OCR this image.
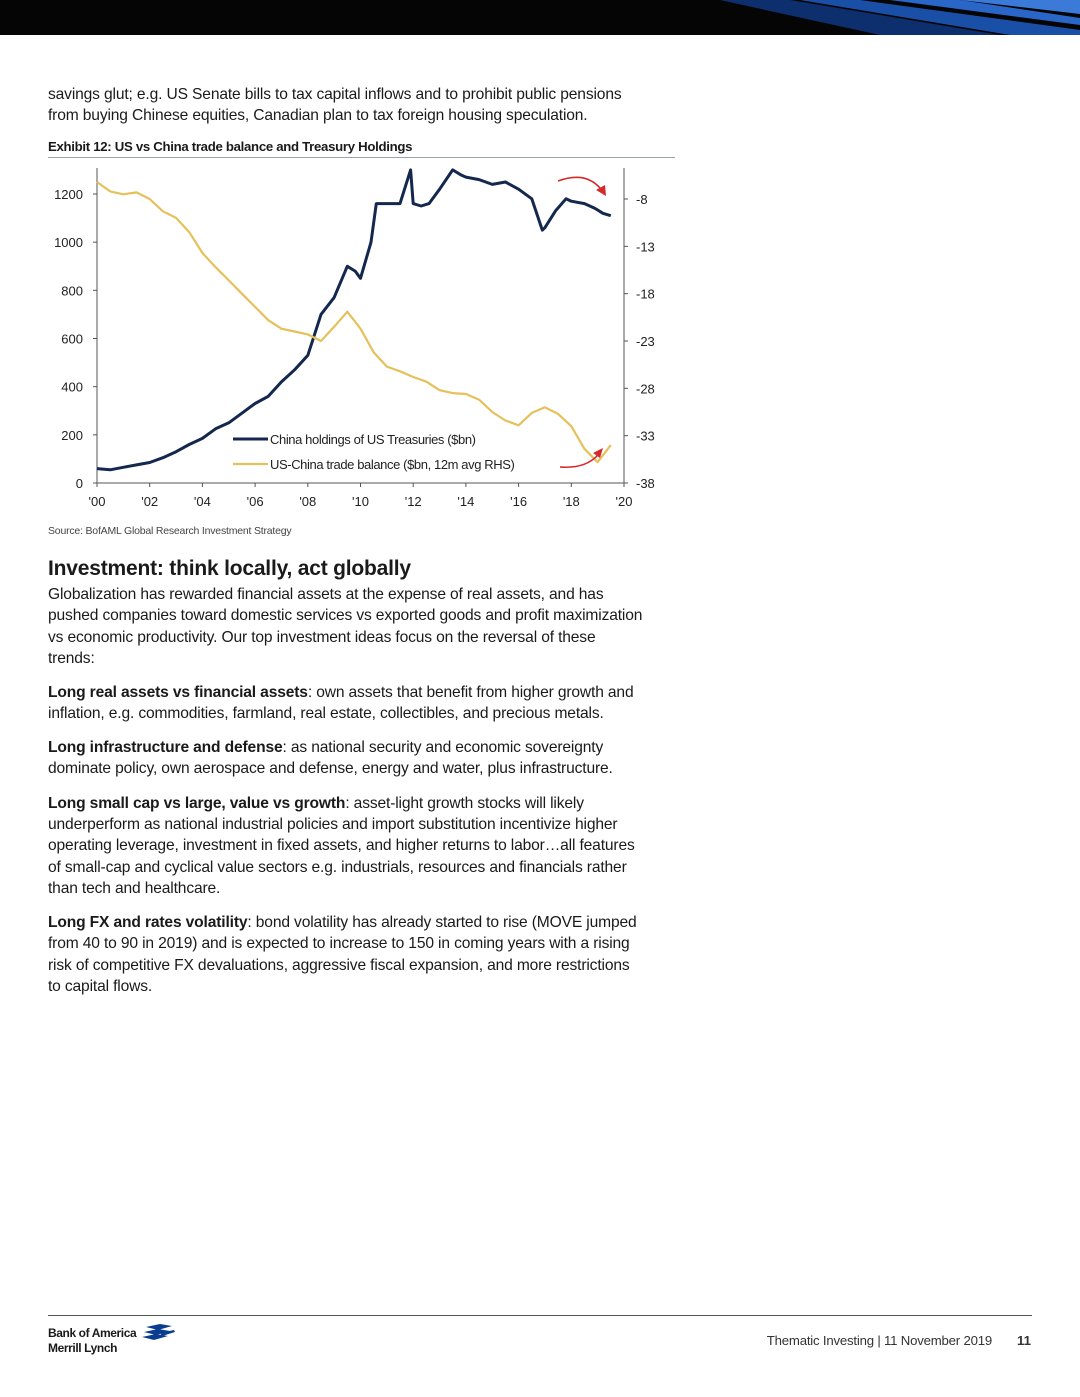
savings glut; e.g. US Senate bills to tax capital inflows and to prohibit public pensions

from buying Chinese equities, Canadian plan to tax foreign housing speculation.

Exhibit 12: US vs China trade balance and Treasury Holdings
0
200
400
600
800
1000
1200	-8
-13
-18
-23
-28
-33
-38
'00	'02	'04	'06	'08	'10	'12	'14	'16	'18	'20
China holdings of US Treasuries ($bn)
US-China trade balance ($bn, 12m avg RHS)
Source: BofAML Global Research Investment Strategy
Investment: think locally, act globally

Globalization has rewarded financial assets at the expense of real assets, and has

pushed companies toward domestic services vs exported goods and profit maximization

vs economic productivity. Our top investment ideas focus on the reversal of these

trends:

Long real assets vs financial assets: own assets that benefit from higher growth and

inflation, e.g. commodities, farmland, real estate, collectibles, and precious metals.

Long infrastructure and defense: as national security and economic sovereignty

dominate policy, own aerospace and defense, energy and water, plus infrastructure.

Long small cap vs large, value vs growth: asset-light growth stocks will likely

underperform as national industrial policies and import substitution incentivize higher

operating leverage, investment in fixed assets, and higher returns to labor…all features

of small-cap and cyclical value sectors e.g. industrials, resources and financials rather

than tech and healthcare.

Long FX and rates volatility: bond volatility has already started to rise (MOVE jumped

from 40 to 90 in 2019) and is expected to increase to 150 in coming years with a rising

risk of competitive FX devaluations, aggressive fiscal expansion, and more restrictions

to capital flows.

Bank of America
Merrill Lynch	Thematic Investing | 11 November 2019 11
